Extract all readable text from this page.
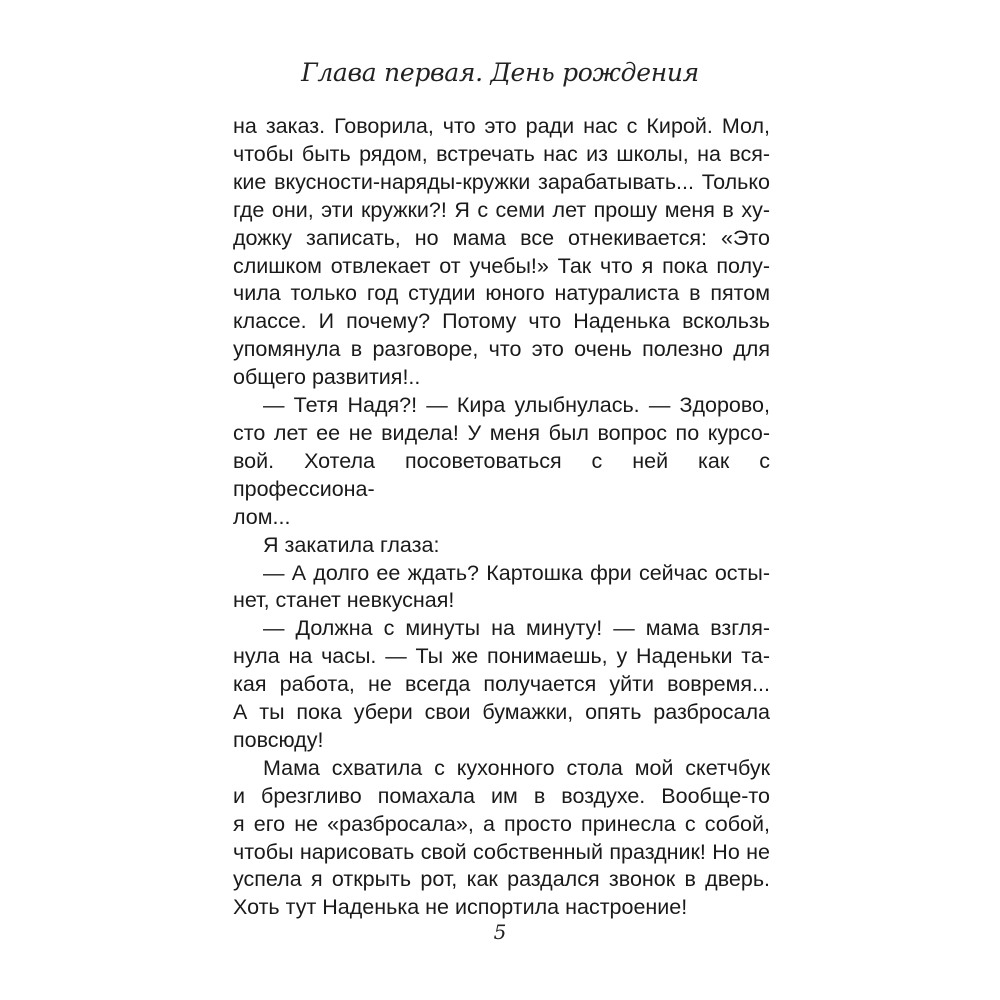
Глава первая. День рождения
на заказ. Говорила, что это ради нас с Кирой. Мол,
чтобы быть рядом, встречать нас из школы, на вся-
кие вкусности-наряды-кружки зарабатывать... Только
где они, эти кружки?! Я с семи лет прошу меня в ху-
дожку записать, но мама все отнекивается: «Это
слишком отвлекает от учебы!» Так что я пока полу-
чила только год студии юного натуралиста в пятом
классе. И почему? Потому что Наденька вскользь
упомянула в разговоре, что это очень полезно для
общего развития!..
— Тетя Надя?! — Кира улыбнулась. — Здорово,
сто лет ее не видела! У меня был вопрос по курсо-
вой. Хотела посоветоваться с ней как с профессиона-
лом...
Я закатила глаза:
— А долго ее ждать? Картошка фри сейчас осты-
нет, станет невкусная!
— Должна с минуты на минуту! — мама взгля-
нула на часы. — Ты же понимаешь, у Наденьки та-
кая работа, не всегда получается уйти вовремя...
А ты пока убери свои бумажки, опять разбросала
повсюду!
Мама схватила с кухонного стола мой скетчбук
и брезгливо помахала им в воздухе. Вообще-то
я его не «разбросала», а просто принесла с собой,
чтобы нарисовать свой собственный праздник! Но не
успела я открыть рот, как раздался звонок в дверь.
Хоть тут Наденька не испортила настроение!
5
